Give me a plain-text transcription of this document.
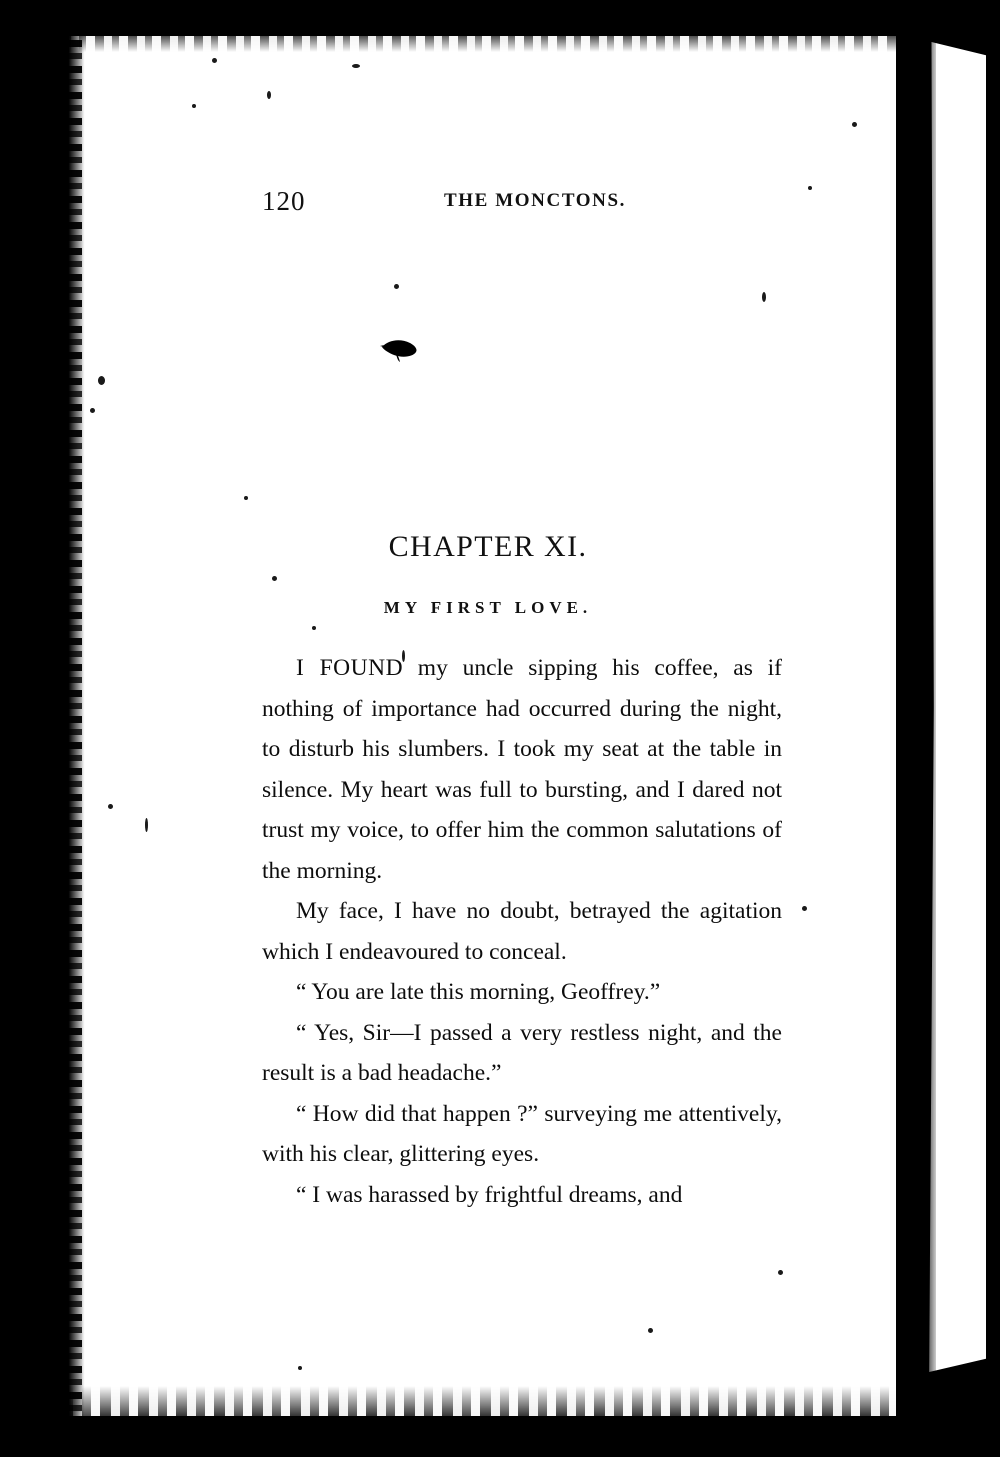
120	THE MONCTONS.
CHAPTER XI.
MY FIRST LOVE.

I FOUND my uncle sipping his coffee, as if nothing of importance had occurred during the night, to disturb his slumbers. I took my seat at the table in silence. My heart was full to bursting, and I dared not trust my voice, to offer him the common salutations of the morning.

My face, I have no doubt, betrayed the agitation which I endeavoured to conceal.

“ You are late this morning, Geoffrey.”

“ Yes, Sir—I passed a very restless night, and the result is a bad headache.”

“ How did that happen ?” surveying me attentively, with his clear, glittering eyes.

“ I was harassed by frightful dreams, and
